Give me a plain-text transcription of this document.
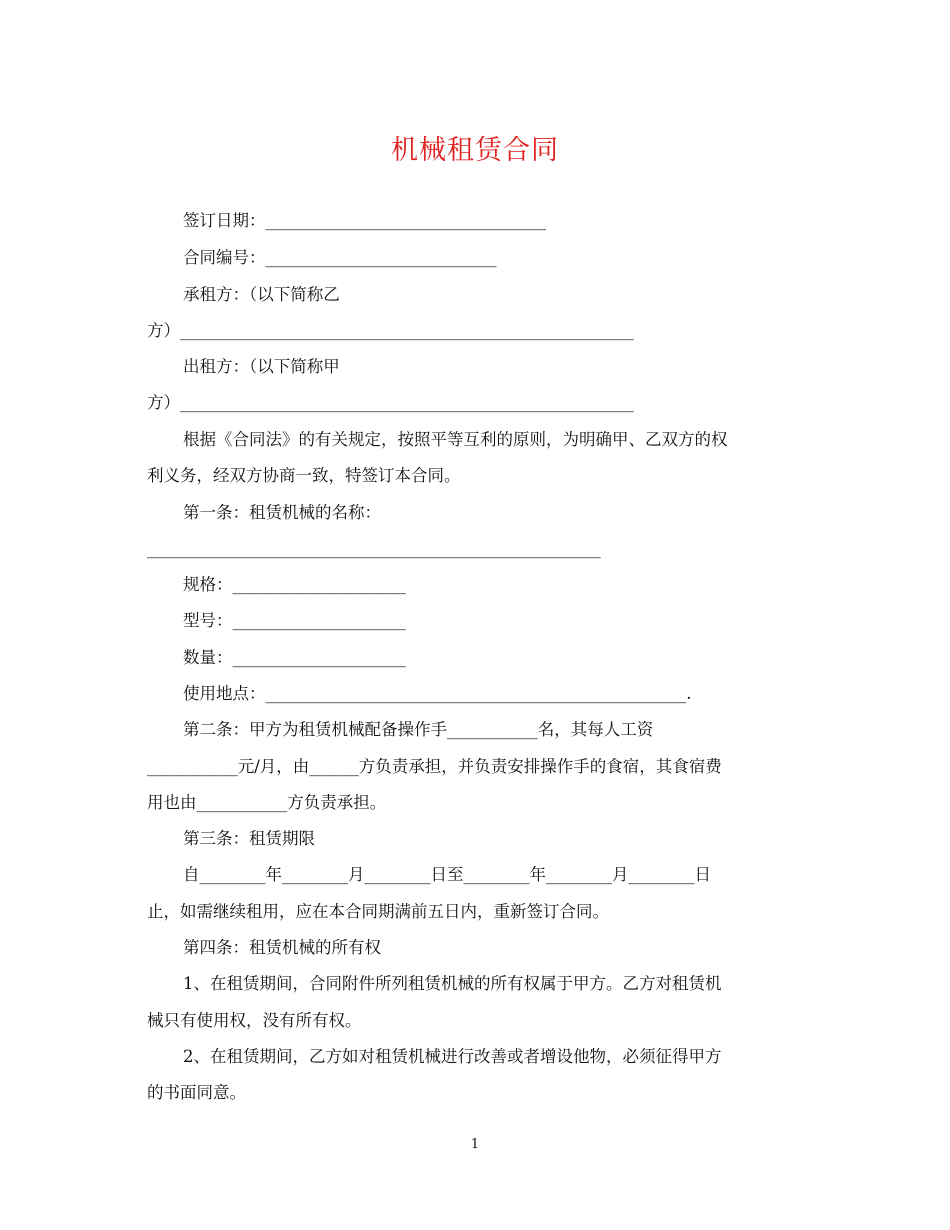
机械租赁合同
签订日期：__________________________________
合同编号：____________________________
承租方：（以下简称乙
方）_______________________________________________________
出租方：（以下简称甲
方）_______________________________________________________
根据《合同法》的有关规定，按照平等互利的原则，为明确甲、乙双方的权
利义务，经双方协商一致，特签订本合同。
第一条：租赁机械的名称：
_______________________________________________________
规格：_____________________
型号：_____________________
数量：_____________________
使用地点：___________________________________________________.
第二条：甲方为租赁机械配备操作手___________名，其每人工资
___________元/月，由______方负责承担，并负责安排操作手的食宿，其食宿费
用也由___________方负责承担。
第三条：租赁期限
自________年________月________日至________年________月________日
止，如需继续租用，应在本合同期满前五日内，重新签订合同。
第四条：租赁机械的所有权
1、在租赁期间，合同附件所列租赁机械的所有权属于甲方。乙方对租赁机
械只有使用权，没有所有权。
2、在租赁期间，乙方如对租赁机械进行改善或者增设他物，必须征得甲方
的书面同意。
1
